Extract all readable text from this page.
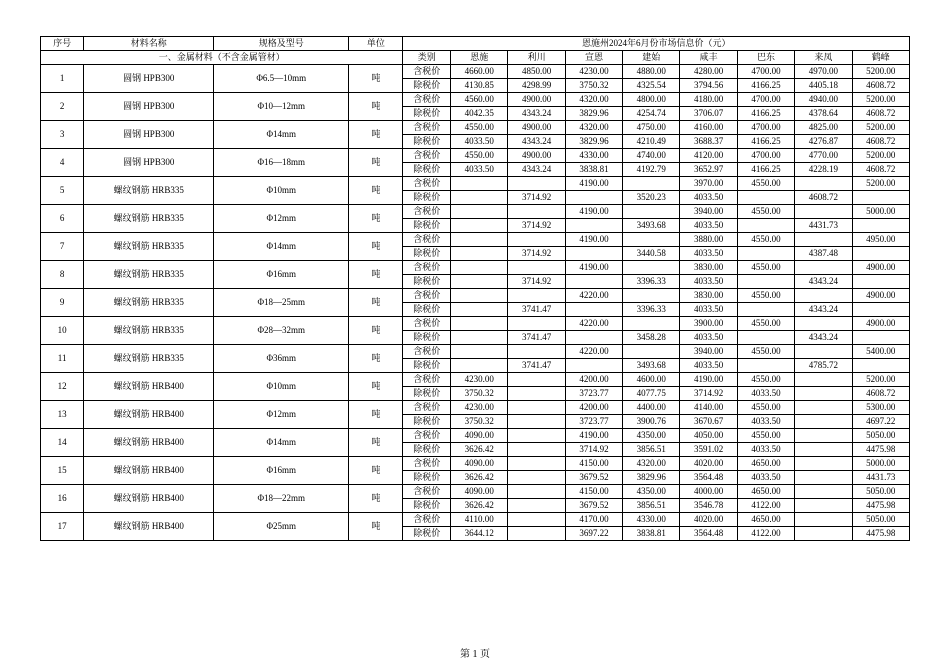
序号	材料名称	规格及型号	单位	恩施州2024年6月份市场信息价（元）								
一、金属材料（不含金属管材）				类别	恩施	利川	宣恩	建始	咸丰	巴东	来凤	鹤峰
1	圆钢 HPB300	Φ6.5—10mm	吨	含税价	4660.00	4850.00	4230.00	4880.00	4280.00	4700.00	4970.00	5200.00
				除税价	4130.85	4298.99	3750.32	4325.54	3794.56	4166.25	4405.18	4608.72
2	圆钢 HPB300	Φ10—12mm	吨	含税价	4560.00	4900.00	4320.00	4800.00	4180.00	4700.00	4940.00	5200.00
				除税价	4042.35	4343.24	3829.96	4254.74	3706.07	4166.25	4378.64	4608.72
3	圆钢 HPB300	Φ14mm	吨	含税价	4550.00	4900.00	4320.00	4750.00	4160.00	4700.00	4825.00	5200.00
				除税价	4033.50	4343.24	3829.96	4210.49	3688.37	4166.25	4276.87	4608.72
4	圆钢 HPB300	Φ16—18mm	吨	含税价	4550.00	4900.00	4330.00	4740.00	4120.00	4700.00	4770.00	5200.00
				除税价	4033.50	4343.24	3838.81	4192.79	3652.97	4166.25	4228.19	4608.72
5	螺纹钢筋 HRB335	Φ10mm	吨	含税价			4190.00		3970.00	4550.00		5200.00
				除税价		3714.92		3520.23	4033.50		4608.72	
6	螺纹钢筋 HRB335	Φ12mm	吨	含税价			4190.00		3940.00	4550.00		5000.00
				除税价		3714.92		3493.68	4033.50		4431.73	
7	螺纹钢筋 HRB335	Φ14mm	吨	含税价			4190.00		3880.00	4550.00		4950.00
				除税价		3714.92		3440.58	4033.50		4387.48	
8	螺纹钢筋 HRB335	Φ16mm	吨	含税价			4190.00		3830.00	4550.00		4900.00
				除税价		3714.92		3396.33	4033.50		4343.24	
9	螺纹钢筋 HRB335	Φ18—25mm	吨	含税价			4220.00		3830.00	4550.00		4900.00
				除税价		3741.47		3396.33	4033.50		4343.24	
10	螺纹钢筋 HRB335	Φ28—32mm	吨	含税价			4220.00		3900.00	4550.00		4900.00
				除税价		3741.47		3458.28	4033.50		4343.24	
11	螺纹钢筋 HRB335	Φ36mm	吨	含税价			4220.00		3940.00	4550.00		5400.00
				除税价		3741.47		3493.68	4033.50		4785.72	
12	螺纹钢筋 HRB400	Φ10mm	吨	含税价	4230.00		4200.00	4600.00	4190.00	4550.00		5200.00
				除税价	3750.32		3723.77	4077.75	3714.92	4033.50		4608.72
13	螺纹钢筋 HRB400	Φ12mm	吨	含税价	4230.00		4200.00	4400.00	4140.00	4550.00		5300.00
				除税价	3750.32		3723.77	3900.76	3670.67	4033.50		4697.22
14	螺纹钢筋 HRB400	Φ14mm	吨	含税价	4090.00		4190.00	4350.00	4050.00	4550.00		5050.00
				除税价	3626.42		3714.92	3856.51	3591.02	4033.50		4475.98
15	螺纹钢筋 HRB400	Φ16mm	吨	含税价	4090.00		4150.00	4320.00	4020.00	4650.00		5000.00
				除税价	3626.42		3679.52	3829.96	3564.48	4033.50		4431.73
16	螺纹钢筋 HRB400	Φ18—22mm	吨	含税价	4090.00		4150.00	4350.00	4000.00	4650.00		5050.00
				除税价	3626.42		3679.52	3856.51	3546.78	4122.00		4475.98
17	螺纹钢筋 HRB400	Φ25mm	吨	含税价	4110.00		4170.00	4330.00	4020.00	4650.00		5050.00
				除税价	3644.12		3697.22	3838.81	3564.48	4122.00		4475.98
第 1 页
